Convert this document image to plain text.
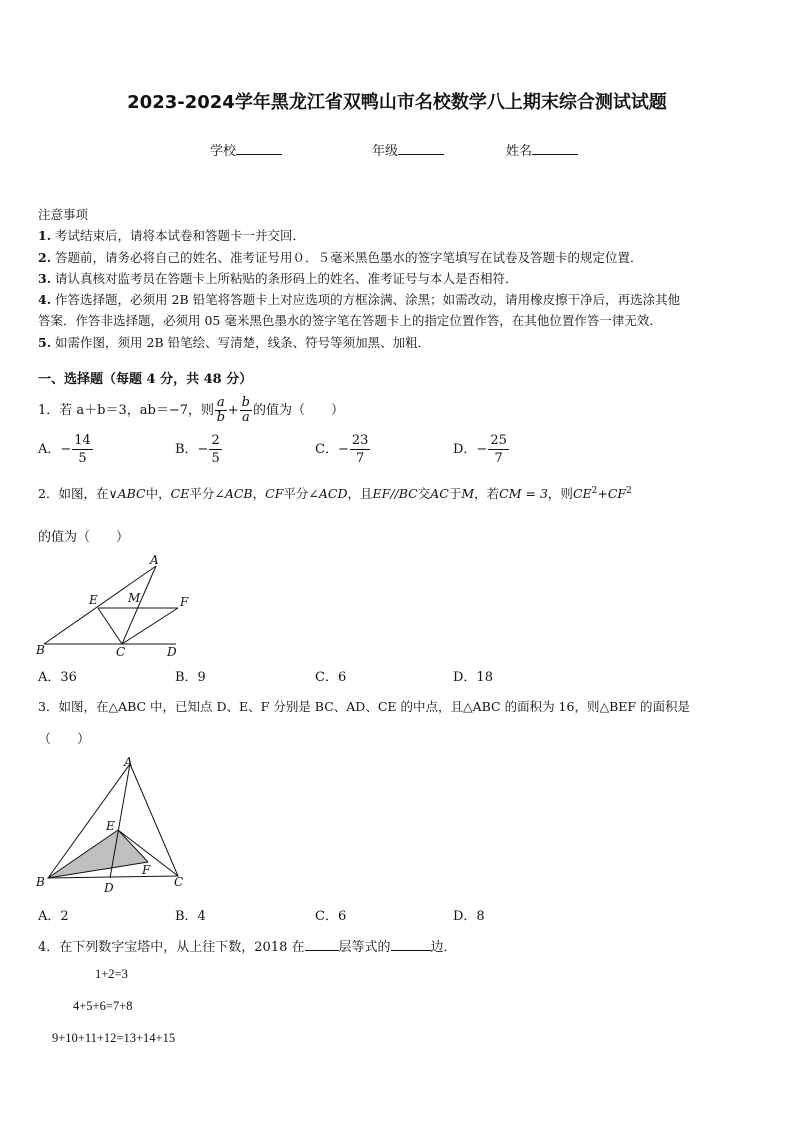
2023-2024学年黑龙江省双鸭山市名校数学八上期末综合测试试题
学校	年级	姓名
注意事项
1. 考试结束后，请将本试卷和答题卡一并交回．
2. 答题前，请务必将自己的姓名、准考证号用０．５毫米黑色墨水的签字笔填写在试卷及答题卡的规定位置．
3. 请认真核对监考员在答题卡上所粘贴的条形码上的姓名、准考证号与本人是否相符．
4. 作答选择题，必须用 2B 铅笔将答题卡上对应选项的方框涂满、涂黑；如需改动，请用橡皮擦干净后，再选涂其他
答案．作答非选择题，必须用 05 毫米黑色墨水的签字笔在答题卡上的指定位置作答，在其他位置作答一律无效．
5. 如需作图，须用 2B 铅笔绘、写清楚，线条、符号等须加黑、加粗．
一、选择题（每题 4 分，共 48 分）
1．若 a＋b＝3，ab＝−7，则 $\frac{a}{b} + \frac{b}{a}$ 的值为（　　）
A．− $\frac{14}{5}$	B．− $\frac{2}{5}$	C．− $\frac{23}{7}$	D．− $\frac{25}{7}$
2．如图，在∨ABC中，CE平分∠ACB，CF平分∠ACD，且EF//BC交AC于M，若CM = 3，则$CE^2+CF^2$
的值为（　　）
A
E	M	F
B	C	D
A．36	B．9	C．6	D．18
3．如图，在△ABC 中，已知点 D、E、F 分别是 BC、AD、CE 的中点，且△ABC 的面积为 16，则△BEF 的面积是
（　　）
A
E
F
B	D	C
A．2	B．4	C．6	D．8
4．在下列数字宝塔中，从上往下数，2018 在	层等式的	边．
1+2=3
4+5+6=7+8
9+10+11+12=13+14+15
